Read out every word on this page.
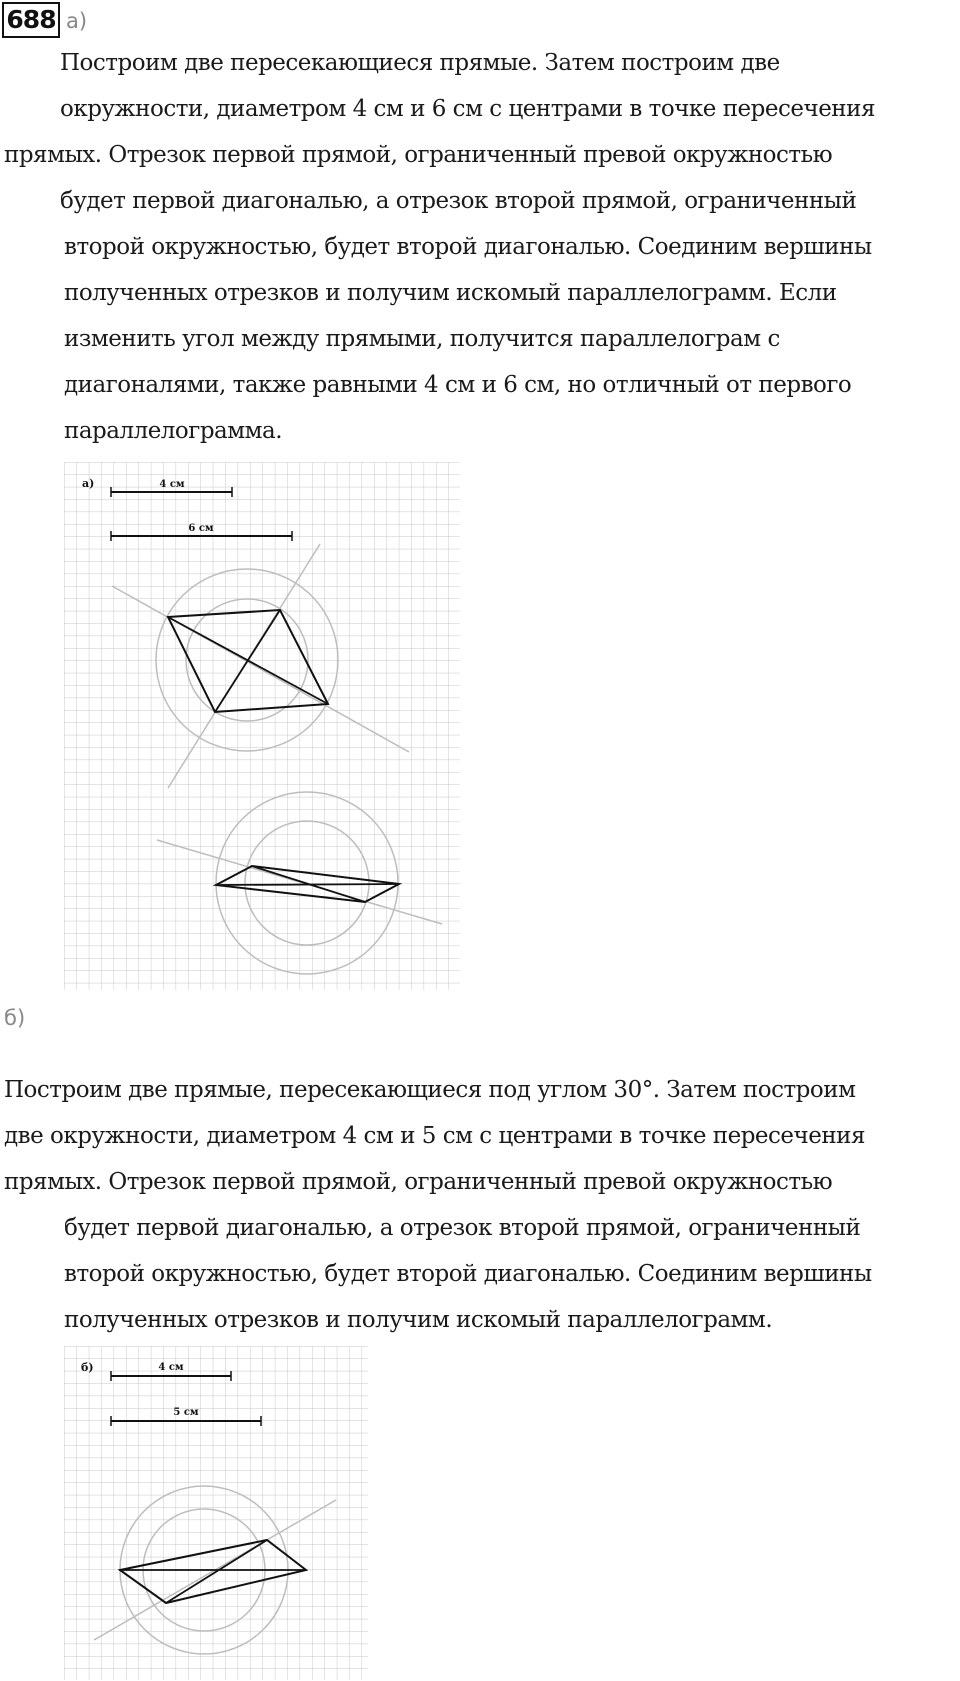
688 а)
Построим две пересекающиеся прямые. Затем построим две
окружности, диаметром 4 см и 6 см с центрами в точке пересечения
прямых. Отрезок первой прямой, ограниченный превой окружностью
будет первой диагональю, а отрезок второй прямой, ограниченный
второй окружностью, будет второй диагональю. Соединим вершины
полученных отрезков и получим искомый параллелограмм. Если
изменить угол между прямыми, получится параллелограм с
диагоналями, также равными 4 см и 6 см, но отличный от первого
параллелограмма.
а)	4 см
6 см
б)
Построим две прямые, пересекающиеся под углом 30°. Затем построим
две окружности, диаметром 4 см и 5 см с центрами в точке пересечения
прямых. Отрезок первой прямой, ограниченный превой окружностью
будет первой диагональю, а отрезок второй прямой, ограниченный
второй окружностью, будет второй диагональю. Соединим вершины
полученных отрезков и получим искомый параллелограмм.
б)	4 см
5 см
